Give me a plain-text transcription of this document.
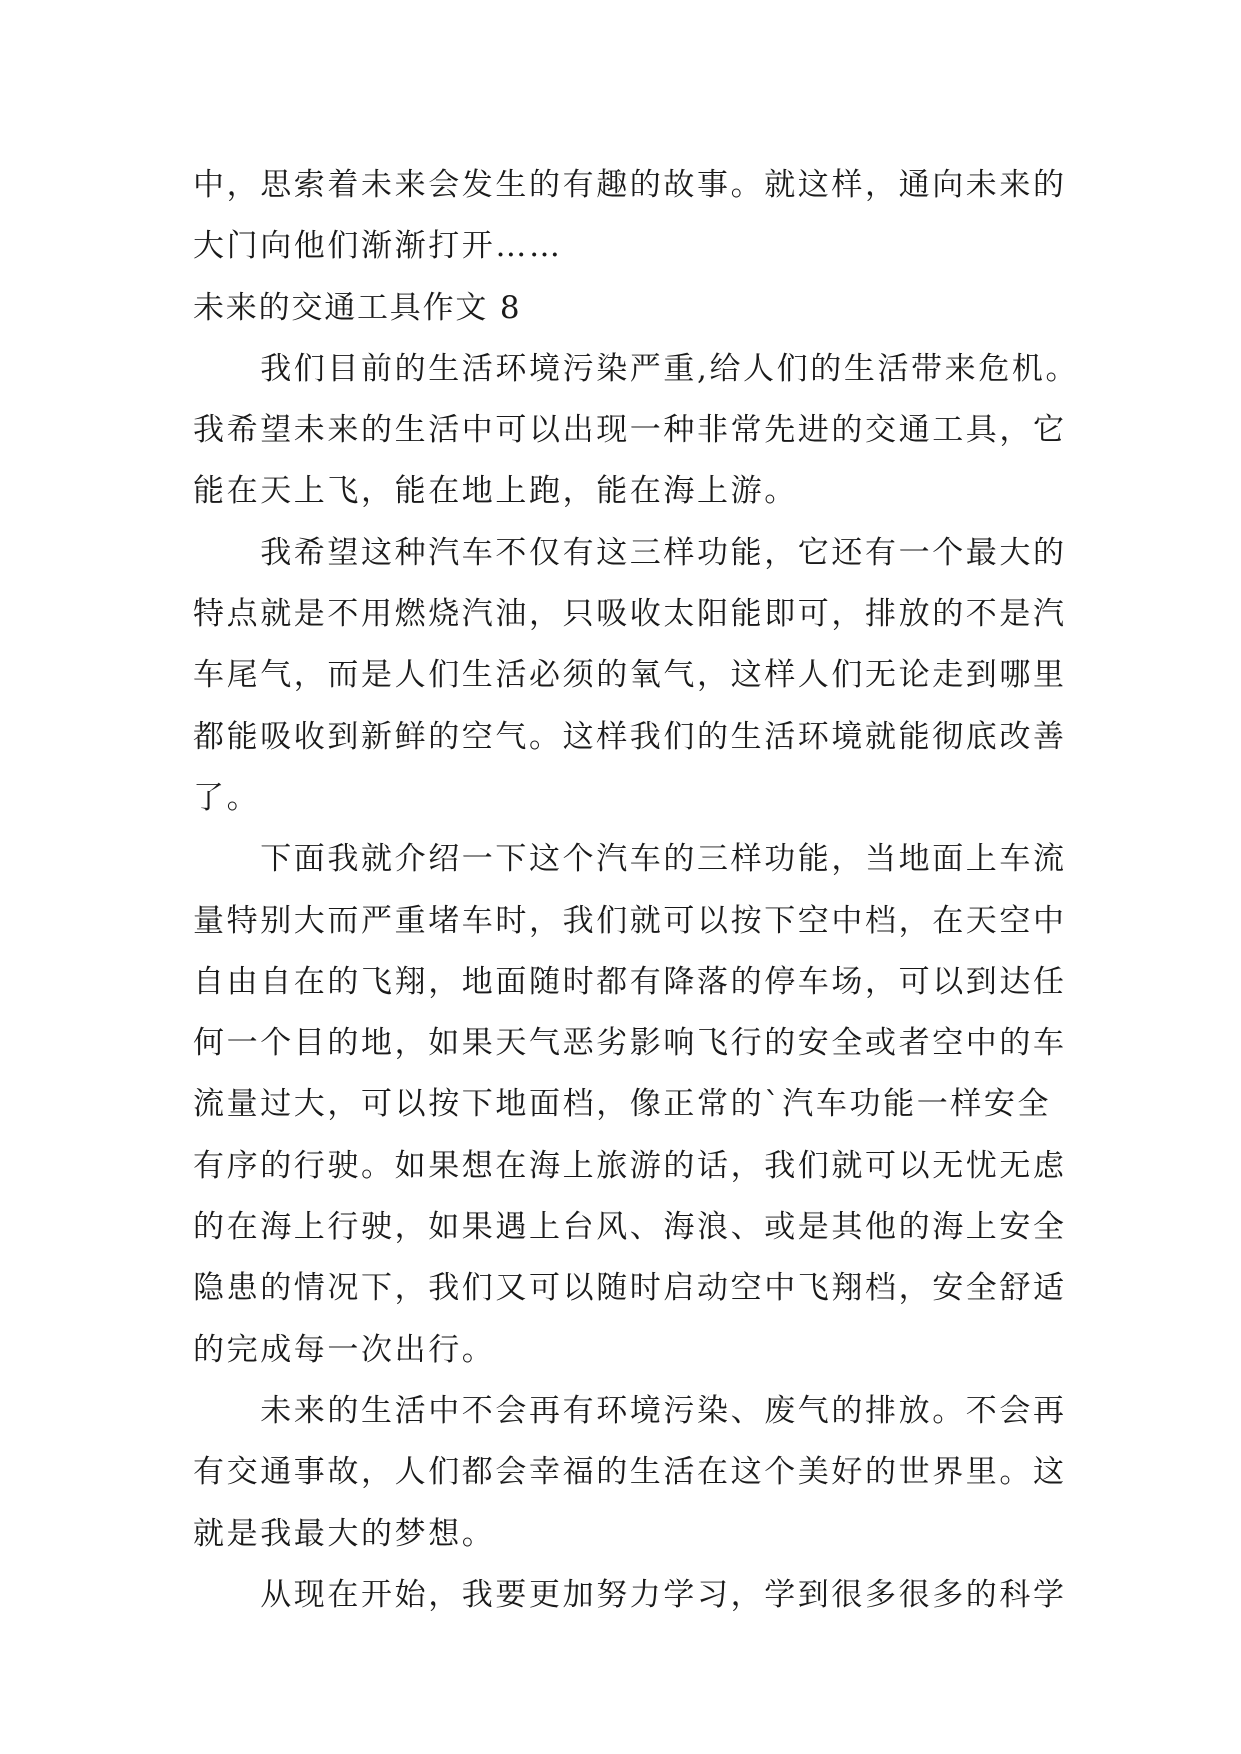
中，思索着未来会发生的有趣的故事。就这样，通向未来的
大门向他们渐渐打开……
未来的交通工具作文 8
　　我们目前的生活环境污染严重,给人们的生活带来危机。
我希望未来的生活中可以出现一种非常先进的交通工具，它
能在天上飞，能在地上跑，能在海上游。
　　我希望这种汽车不仅有这三样功能，它还有一个最大的
特点就是不用燃烧汽油，只吸收太阳能即可，排放的不是汽
车尾气，而是人们生活必须的氧气，这样人们无论走到哪里
都能吸收到新鲜的空气。这样我们的生活环境就能彻底改善
了。
　　下面我就介绍一下这个汽车的三样功能，当地面上车流
量特别大而严重堵车时，我们就可以按下空中档，在天空中
自由自在的飞翔，地面随时都有降落的停车场，可以到达任
何一个目的地，如果天气恶劣影响飞行的安全或者空中的车
流量过大，可以按下地面档，像正常的`汽车功能一样安全
有序的行驶。如果想在海上旅游的话，我们就可以无忧无虑
的在海上行驶，如果遇上台风、海浪、或是其他的海上安全
隐患的情况下，我们又可以随时启动空中飞翔档，安全舒适
的完成每一次出行。
　　未来的生活中不会再有环境污染、废气的排放。不会再
有交通事故，人们都会幸福的生活在这个美好的世界里。这
就是我最大的梦想。
　　从现在开始，我要更加努力学习，学到很多很多的科学
